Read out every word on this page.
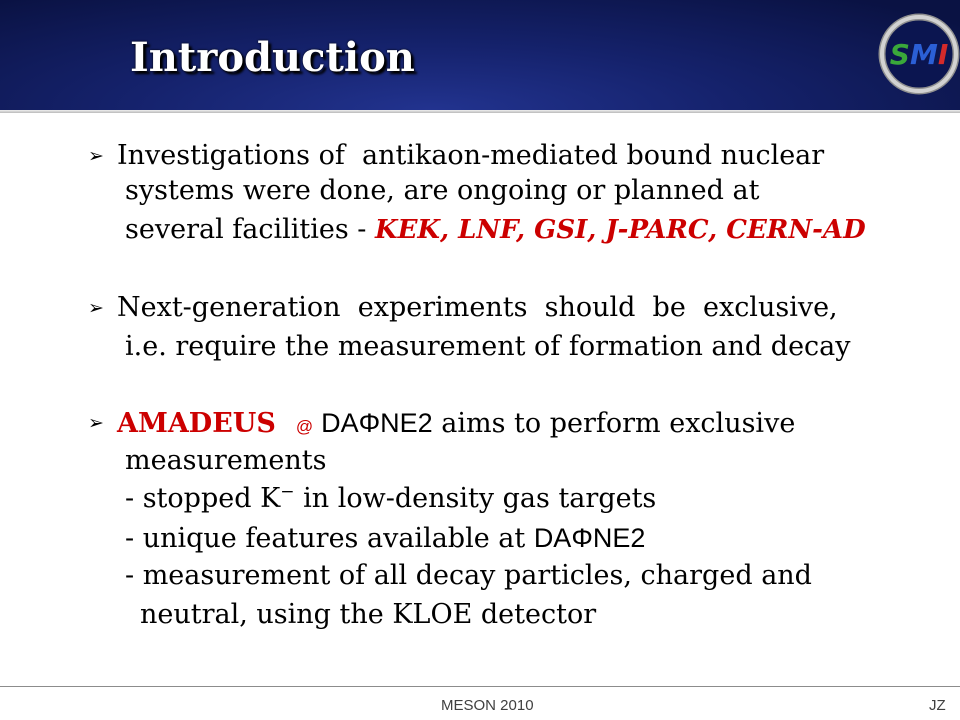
Introduction	SMI
➢ Investigations of  antikaon-mediated bound nuclear
systems were done, are ongoing or planned at
several facilities - KEK, LNF, GSI, J-PARC, CERN-AD
➢ Next-generation  experiments  should  be  exclusive,
i.e. require the measurement of formation and decay
➢ AMADEUS @ DAΦNE2 aims to perform exclusive
measurements
- stopped K− in low-density gas targets
- unique features available at DAΦNE2
- measurement of all decay particles, charged and
neutral, using the KLOE detector
MESON 2010	JZ
